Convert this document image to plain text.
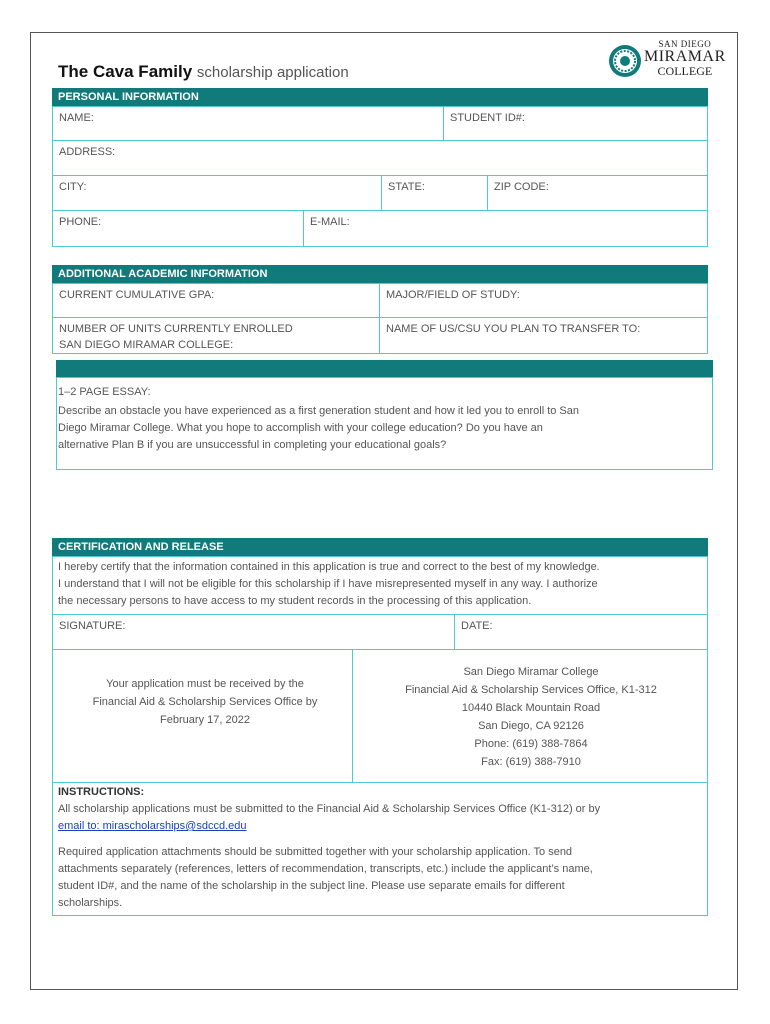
The Cava Family scholarship application
SAN DIEGO
MIRAMAR
COLLEGE
PERSONAL INFORMATION
NAME:	STUDENT ID#:
ADDRESS:
CITY:	STATE:	ZIP CODE:
PHONE:	E-MAIL:
ADDITIONAL ACADEMIC INFORMATION
CURRENT CUMULATIVE GPA:	MAJOR/FIELD OF STUDY:
NUMBER OF UNITS CURRENTLY ENROLLED
SAN DIEGO MIRAMAR COLLEGE:
NAME OF US/CSU YOU PLAN TO TRANSFER TO:
1–2 PAGE ESSAY:
Describe an obstacle you have experienced as a first generation student and how it led you to enroll to San
Diego Miramar College. What you hope to accomplish with your college education? Do you have an
alternative Plan B if you are unsuccessful in completing your educational goals?
CERTIFICATION AND RELEASE
I hereby certify that the information contained in this application is true and correct to the best of my knowledge.
I understand that I will not be eligible for this scholarship if I have misrepresented myself in any way. I authorize
the necessary persons to have access to my student records in the processing of this application.
SIGNATURE:	DATE:
Your application must be received by the
Financial Aid & Scholarship Services Office by
February 17, 2022
San Diego Miramar College
Financial Aid & Scholarship Services Office, K1-312
10440 Black Mountain Road
San Diego, CA 92126
Phone: (619) 388-7864
Fax: (619) 388-7910
INSTRUCTIONS:
All scholarship applications must be submitted to the Financial Aid & Scholarship Services Office (K1-312) or by
email to: mirascholarships@sdccd.edu
Required application attachments should be submitted together with your scholarship application. To send
attachments separately (references, letters of recommendation, transcripts, etc.) include the applicant’s name,
student ID#, and the name of the scholarship in the subject line. Please use separate emails for different
scholarships.
